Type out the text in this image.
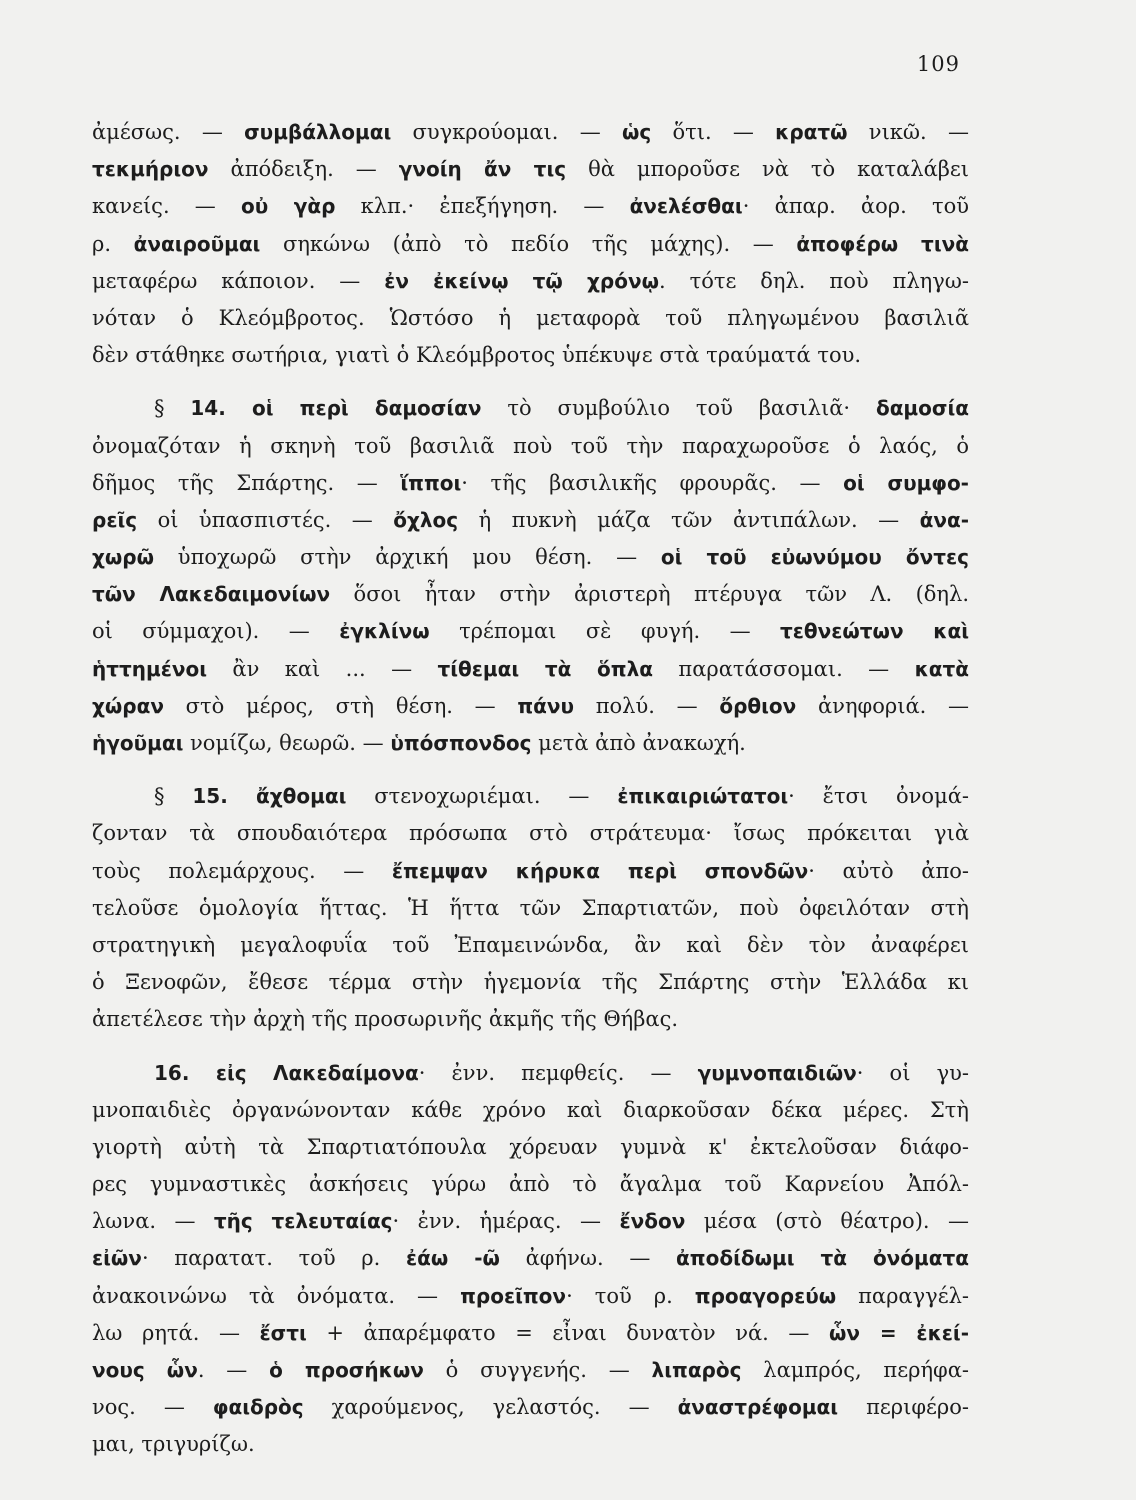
109
ἀμέσως. — συμβάλλομαι συγκρούομαι. — ὡς ὅτι. — κρατῶ νικῶ. —
τεκμήριον ἀπόδειξη. — γνοίη ἄν τις θὰ μποροῦσε νὰ τὸ καταλάβει
κανείς. — οὐ γὰρ κλπ.· ἐπεξήγηση. — ἀνελέσθαι· ἀπαρ. ἀορ. τοῦ
ρ. ἀναιροῦμαι σηκώνω (ἀπὸ τὸ πεδίο τῆς μάχης). — ἀποφέρω τινὰ
μεταφέρω κάποιον. — ἐν ἐκείνῳ τῷ χρόνῳ. τότε δηλ. ποὺ πληγω-
νόταν ὁ Κλεόμβροτος. Ὡστόσο ἡ μεταφορὰ τοῦ πληγωμένου βασιλιᾶ
δὲν στάθηκε σωτήρια, γιατὶ ὁ Κλεόμβροτος ὑπέκυψε στὰ τραύματά του.
§ 14. οἱ περὶ δαμοσίαν τὸ συμβούλιο τοῦ βασιλιᾶ· δαμοσία
ὀνομαζόταν ἡ σκηνὴ τοῦ βασιλιᾶ ποὺ τοῦ τὴν παραχωροῦσε ὁ λαός, ὁ
δῆμος τῆς Σπάρτης. — ἵπποι· τῆς βασιλικῆς φρουρᾶς. — οἱ συμφο-
ρεῖς οἱ ὑπασπιστές. — ὄχλος ἡ πυκνὴ μάζα τῶν ἀντιπάλων. — ἀνα-
χωρῶ ὑποχωρῶ στὴν ἀρχική μου θέση. — οἱ τοῦ εὐωνύμου ὄντες
τῶν Λακεδαιμονίων ὅσοι ἦταν στὴν ἀριστερὴ πτέρυγα τῶν Λ. (δηλ.
οἱ σύμμαχοι). — ἐγκλίνω τρέπομαι σὲ φυγή. — τεθνεώτων καὶ
ἡττημένοι ἂν καὶ ... — τίθεμαι τὰ ὅπλα παρατάσσομαι. — κατὰ
χώραν στὸ μέρος, στὴ θέση. — πάνυ πολύ. — ὄρθιον ἀνηφοριά. —
ἡγοῦμαι νομίζω, θεωρῶ. — ὑπόσπονδος μετὰ ἀπὸ ἀνακωχή.
§ 15. ἄχθομαι στενοχωριέμαι. — ἐπικαιριώτατοι· ἔτσι ὀνομά-
ζονταν τὰ σπουδαιότερα πρόσωπα στὸ στράτευμα· ἴσως πρόκειται γιὰ
τοὺς πολεμάρχους. — ἔπεμψαν κήρυκα περὶ σπονδῶν· αὐτὸ ἀπο-
τελοῦσε ὁμολογία ἥττας. Ἡ ἥττα τῶν Σπαρτιατῶν, ποὺ ὀφειλόταν στὴ
στρατηγικὴ μεγαλοφυΐα τοῦ Ἐπαμεινώνδα, ἂν καὶ δὲν τὸν ἀναφέρει
ὁ Ξενοφῶν, ἔθεσε τέρμα στὴν ἡγεμονία τῆς Σπάρτης στὴν Ἑλλάδα κι
ἀπετέλεσε τὴν ἀρχὴ τῆς προσωρινῆς ἀκμῆς τῆς Θήβας.
16. εἰς Λακεδαίμονα· ἐνν. πεμφθείς. — γυμνοπαιδιῶν· οἱ γυ-
μνοπαιδιὲς ὀργανώνονταν κάθε χρόνο καὶ διαρκοῦσαν δέκα μέρες. Στὴ
γιορτὴ αὐτὴ τὰ Σπαρτιατόπουλα χόρευαν γυμνὰ κ' ἐκτελοῦσαν διάφο-
ρες γυμναστικὲς ἀσκήσεις γύρω ἀπὸ τὸ ἄγαλμα τοῦ Καρνείου Ἀπόλ-
λωνα. — τῆς τελευταίας· ἐνν. ἡμέρας. — ἔνδον μέσα (στὸ θέατρο). —
εἰῶν· παρατατ. τοῦ ρ. ἐάω -ῶ ἀφήνω. — ἀποδίδωμι τὰ ὀνόματα
ἀνακοινώνω τὰ ὀνόματα. — προεῖπον· τοῦ ρ. προαγορεύω παραγγέλ-
λω ρητά. — ἔστι + ἀπαρέμφατο = εἶναι δυνατὸν νά. — ὧν = ἐκεί-
νους ὧν. — ὁ προσήκων ὁ συγγενής. — λιπαρὸς λαμπρός, περήφα-
νος. — φαιδρὸς χαρούμενος, γελαστός. — ἀναστρέφομαι περιφέρο-
μαι, τριγυρίζω.
